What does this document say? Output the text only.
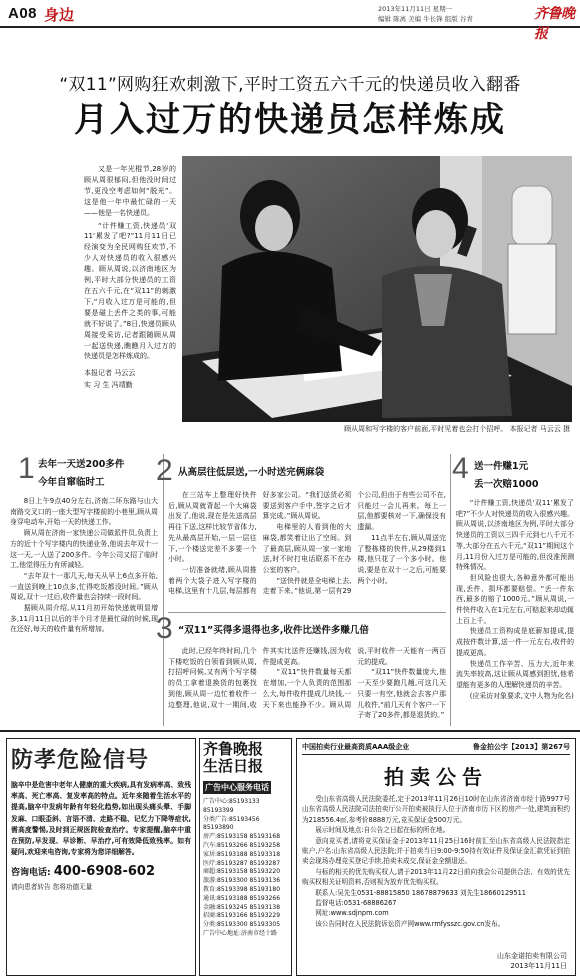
A08 身边	2013年11月11日 星期一
编辑 陈离 美编 牛长锋 组版 谷青	齐鲁晚报
“双11”网购狂欢刺激下,平时工资五六千元的快递员收入翻番
月入过万的快递员怎样炼成

又是一年光棍节,28岁的顾从周很郁闷,但他没时间过节,更没空考虑如何“脱光”。这是他一年中最忙碌的一天——他是一名快递员。

“计件赚工资,快递员‘双11’累发了吧?”11月11日已经演变为全民网购狂欢节,不少人对快递员的收入很感兴趣。顾从周说,以济南地区为例,平时大部分快递员的工资在五六千元,在“双11”的刺激下,“月收入过万是可能的,但要是碰上丢件之类的事,可能就不好说了。”8日,快递员顾从周接受采访,记者跟随顾从周一起送快递,瞧瞧月入过万的快递员是怎样炼成的。

本报记者 马云云

实 习 生 冯靖勤

顾从周和写字楼的客户前面,平时见着也会打个招呼。 本报记者 马云云 摄
1 去年一天送200多件
今年自窜临时工

8日上午9点40分左右,济南二环东路与山大南路交叉口的一座大型写字楼前的小巷里,顾从周身穿电动车,开始一天的快递工作。

顾从周在济南一家快递公司做派件员,负责上方的近十个写字楼内的快递业务,他说去年双十一这一天,一人送了200多件。今年公司又招了临时工,他觉得压力有所减轻。

“去年双十一那几天,每天从早上6点多开始,一直送到晚上10点多,忙得吃饭都没时间。”顾从周说,双十一过后,收件量也会持续一段时间。

据顾从周介绍,从11月初开始快递就明显增多,11月11日以后的半个月才是最忙碌的时候,现在还好,每天的收件量有所增加。

2 从高层往低层送,一小时送完俩麻袋

在三站车上整理好快件后,顾从周就背起一个大麻袋出发了,他说,现在是先送高层再往下送,这样比较节省体力,先从最高层开始,一层一层往下,一个楼送完差不多要一个小时。

一切准备就绪,顾从周推着两个大袋子进入写字楼的电梯,这里有十几层,每层都有好多家公司。“我们送货必须要送到客户手中,签字之后才算完成。”顾从周说。

电梯里的人看到他的大麻袋,都笑着让出了空间。到了最高层,顾从周一家一家地送,时不时打电话联系不在办公室的客户。

“送快件就是全电梯上去,走着下来。”他说,第一层有29个公司,但由于有些公司不在,只能过一会儿再来。每上一层,他都要核对一下,确保没有遗漏。

11点半左右,顾从周送完了整栋楼的快件,从29楼到1楼,他只花了一个多小时。他说,要是在双十一之后,可能要两个小时。

3 “双11”买得多退得也多,收件比送件多赚几倍

此时,已经年终时间,几个下楼吃饭的白领看到顾从周,打招呼问候,又有两个写字楼的员工拿着退换货的包裹找到他,顾从周一边忙着收件一边整理,他说,双十一期间,收件其实比送件还赚钱,因为收件提成更高。

“双11”快件数量每天都在增加,一个人负责的范围那么大,每件收件提成几块钱,一天下来也能挣不少。顾从周说,平时收件一天能有一两百元的提成。

“双11”快件数量庞大,他一天至少要跑几趟,可这几天只要一有空,他就会去客户那儿收件,“前几天有个客户一下子寄了20多件,都是退货的。”

4 送一件赚1元
丢一次赔1000

“计件赚工资,快递员‘双11’累发了吧?”不少人对快递员的收入很感兴趣。顾从周说,以济南地区为例,平时大部分快递员的工资以三四千元到七八千元不等,大部分在五六千元,“双11”期间这个月,11月份入过万是可能的,但没准预测特殊情况。

但风险也很大,各种意外都可能出现,丢件、损坏都要赔偿。“丢一件东西,最多的赔了1000元。”顾从周说,一件快件收入在1元左右,可赔起来却动辄上百上千。

快递员工资构成是底薪加提成,提成按件数计算,送一件一元左右,收件的提成更高。

快递员工作辛苦、压力大,近年来流失率较高,这让顾从周感到担忧,他希望能有更多的人理解快递员的辛苦。

(应采访对象要求,文中人物为化名)

防孝危险信号
脑卒中是危害中老年人健康的重大疾病,具有发病率高、致残率高、死亡率高、复发率高的特点。近年来随着生活水平的提高,脑卒中发病年龄有年轻化趋势,如出现头痛头晕、手脚发麻、口眼歪斜、言语不清、走路不稳、记忆力下降等症状,需高度警惕,及时到正规医院检查治疗。专家提醒,脑卒中重在预防,早发现、早诊断、早治疗,可有效降低致残率。如有疑问,欢迎来电咨询,专家将为您详细解答。
咨询电话: 400-6908-602
请向患者转告 您将功德无量
齐鲁晚报
生活日报
广告中心服务电话
广告中心:85193133 85193399
分类广告:85193456 85193890
房产:85193158 85193168
汽车:85193266 85193258
家居:85193188 85193318
医疗:85193287 85193287
商超:85193158 85193220
旅游:85193300 85193136
教育:85193398 85193180
通讯:85193188 85193266
金融:85193245 85193138
招商:85193166 85193229
分类:85193300 85193305
广告中心地址:济南市经十路
中国拍卖行业最高资质AAA级企业	鲁金拍公字【2013】第267号
拍卖公告

受山东省高级人民法院委托,定于2013年11月26日10时在山东省济南市经十路9977号山东省高级人民法院司法拍卖厅公开拍卖被执行人位于济南市历下区的房产一处,建筑面积约为218556.4㎡,参考价8888万元,竞买保证金500万元。

展示时间及地点:自公告之日起在标的所在地。

意向竞买者,请将竞买保证金于2013年11月25日16时前汇至山东省高级人民法院指定账户,户名:山东省高级人民法院;并于拍卖当日9:00-9:50持有效证件及保证金汇款凭证到拍卖会现场办理竞买登记手续,拍卖未成交,保证金全额退还。

与标的相关的优先购买权人,请于2013年11月22日前向我会公司提供合法、有效的优先购买权相关证明资料,否则视为放弃优先购买权。

联系人:吴先生0531-88815850 18678879633 刘先生18660129511

监督电话:0531-68886267

网址:www.sdjnpm.com

该公告同时在人民法院诉讼资产网www.rmfysszc.gov.cn发布。

山东金诺拍卖有限公司
2013年11月11日
